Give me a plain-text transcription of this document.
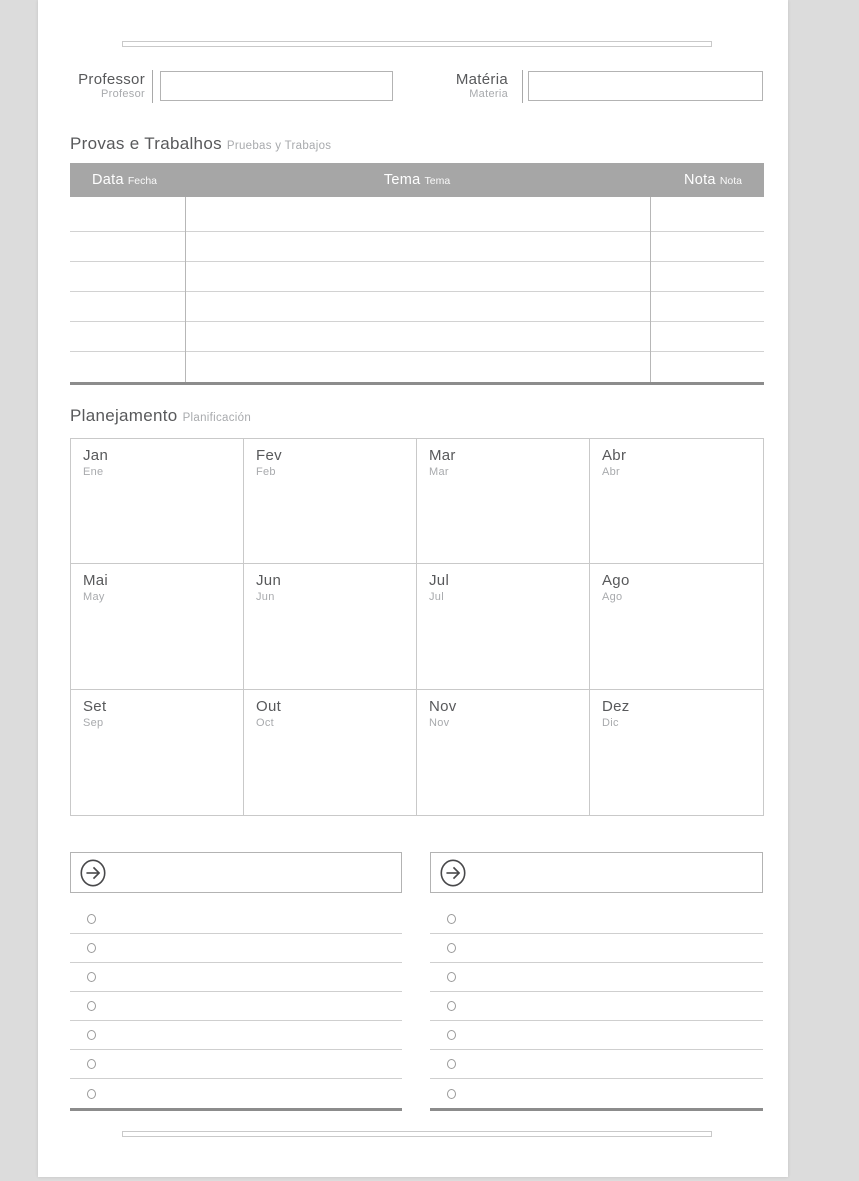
Professor
Profesor
Matéria
Materia
Provas e Trabalhos Pruebas y Trabajos
Data Fecha	Tema Tema	Nota Nota
Planejamento Planificación
Jan
Ene
Fev
Feb
Mar
Mar
Abr
Abr
Mai
May
Jun
Jun
Jul
Jul
Ago
Ago
Set
Sep
Out
Oct
Nov
Nov
Dez
Dic
